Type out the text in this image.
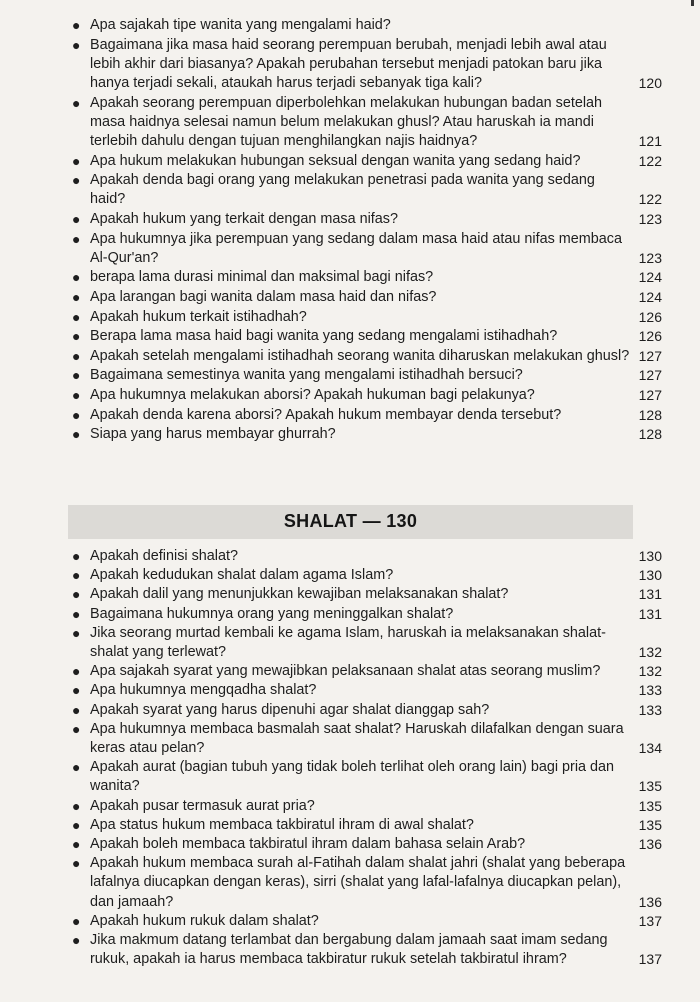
● Apa sajakah tipe wanita yang mengalami haid?
● Bagaimana jika masa haid seorang perempuan berubah, menjadi lebih awal atau lebih akhir dari biasanya? Apakah perubahan tersebut menjadi patokan baru jika hanya terjadi sekali, ataukah harus terjadi sebanyak tiga kali?	120
● Apakah seorang perempuan diperbolehkan melakukan hubungan badan setelah masa haidnya selesai namun belum melakukan ghusl? Atau haruskah ia mandi terlebih dahulu dengan tujuan menghilangkan najis haidnya?	121
● Apa hukum melakukan hubungan seksual dengan wanita yang sedang haid?	122
● Apakah denda bagi orang yang melakukan penetrasi pada wanita yang sedang haid?	122
● Apakah hukum yang terkait dengan masa nifas?	123
● Apa hukumnya jika perempuan yang sedang dalam masa haid atau nifas membaca Al-Qur'an?	123
● berapa lama durasi minimal dan maksimal bagi nifas?	124
● Apa larangan bagi wanita dalam masa haid dan nifas?	124
● Apakah hukum terkait istihadhah?	126
● Berapa lama masa haid bagi wanita yang sedang mengalami istihadhah?	126
● Apakah setelah mengalami istihadhah seorang wanita diharuskan melakukan ghusl? 127
● Bagaimana semestinya wanita yang mengalami istihadhah bersuci?	127
● Apa hukumnya melakukan aborsi? Apakah hukuman bagi pelakunya?	127
● Apakah denda karena aborsi? Apakah hukum membayar denda tersebut?	128
● Siapa yang harus membayar ghurrah?	128
SHALAT — 130
● Apakah definisi shalat?	130
● Apakah kedudukan shalat dalam agama Islam?	130
● Apakah dalil yang menunjukkan kewajiban melaksanakan shalat?	131
● Bagaimana hukumnya orang yang meninggalkan shalat?	131
● Jika seorang murtad kembali ke agama Islam, haruskah ia melaksanakan shalat-shalat yang terlewat?	132
● Apa sajakah syarat yang mewajibkan pelaksanaan shalat atas seorang muslim?	132
● Apa hukumnya mengqadha shalat?	133
● Apakah syarat yang harus dipenuhi agar shalat dianggap sah?	133
● Apa hukumnya membaca basmalah saat shalat? Haruskah dilafalkan dengan suara keras atau pelan?	134
● Apakah aurat (bagian tubuh yang tidak boleh terlihat oleh orang lain) bagi pria dan wanita?	135
● Apakah pusar termasuk aurat pria?	135
● Apa status hukum membaca takbiratul ihram di awal shalat?	135
● Apakah boleh membaca takbiratul ihram dalam bahasa selain Arab?	136
● Apakah hukum membaca surah al-Fatihah dalam shalat jahri (shalat yang beberapa lafalnya diucapkan dengan keras), sirri (shalat yang lafal-lafalnya diucapkan pelan), dan jamaah?	136
● Apakah hukum rukuk dalam shalat?	137
● Jika makmum datang terlambat dan bergabung dalam jamaah saat imam sedang rukuk, apakah ia harus membaca takbiratur rukuk setelah takbiratul ihram?	137
